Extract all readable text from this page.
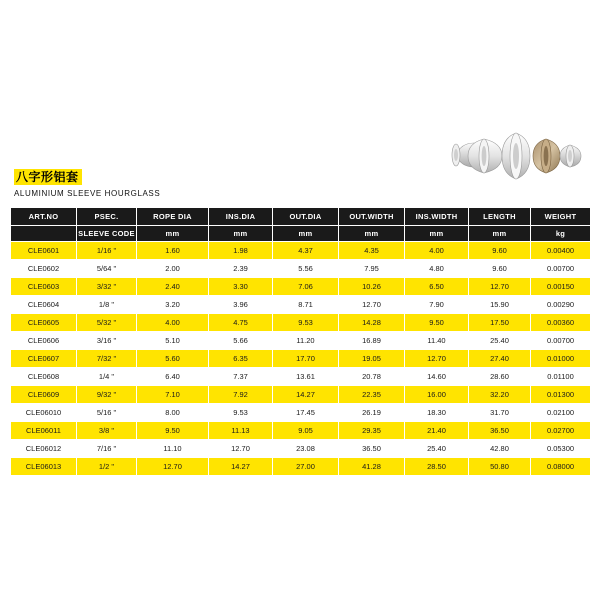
八字形铝套
ALUMINIUM SLEEVE HOURGLASS
ART.NO	PSEC.	ROPE DIA	INS.DIA	OUT.DIA	OUT.WIDTH	INS.WIDTH	LENGTH	WEIGHT
	SLEEVE CODE	mm	mm	mm	mm	mm	mm	kg
CLE0601	1/16 "	1.60	1.98	4.37	4.35	4.00	9.60	0.00400
CLE0602	5/64 "	2.00	2.39	5.56	7.95	4.80	9.60	0.00700
CLE0603	3/32 "	2.40	3.30	7.06	10.26	6.50	12.70	0.00150
CLE0604	1/8 "	3.20	3.96	8.71	12.70	7.90	15.90	0.00290
CLE0605	5/32 "	4.00	4.75	9.53	14.28	9.50	17.50	0.00360
CLE0606	3/16 "	5.10	5.66	11.20	16.89	11.40	25.40	0.00700
CLE0607	7/32 "	5.60	6.35	17.70	19.05	12.70	27.40	0.01000
CLE0608	1/4 "	6.40	7.37	13.61	20.78	14.60	28.60	0.01100
CLE0609	9/32 "	7.10	7.92	14.27	22.35	16.00	32.20	0.01300
CLE06010	5/16 "	8.00	9.53	17.45	26.19	18.30	31.70	0.02100
CLE06011	3/8 "	9.50	11.13	9.05	29.35	21.40	36.50	0.02700
CLE06012	7/16 "	11.10	12.70	23.08	36.50	25.40	42.80	0.05300
CLE06013	1/2 "	12.70	14.27	27.00	41.28	28.50	50.80	0.08000
